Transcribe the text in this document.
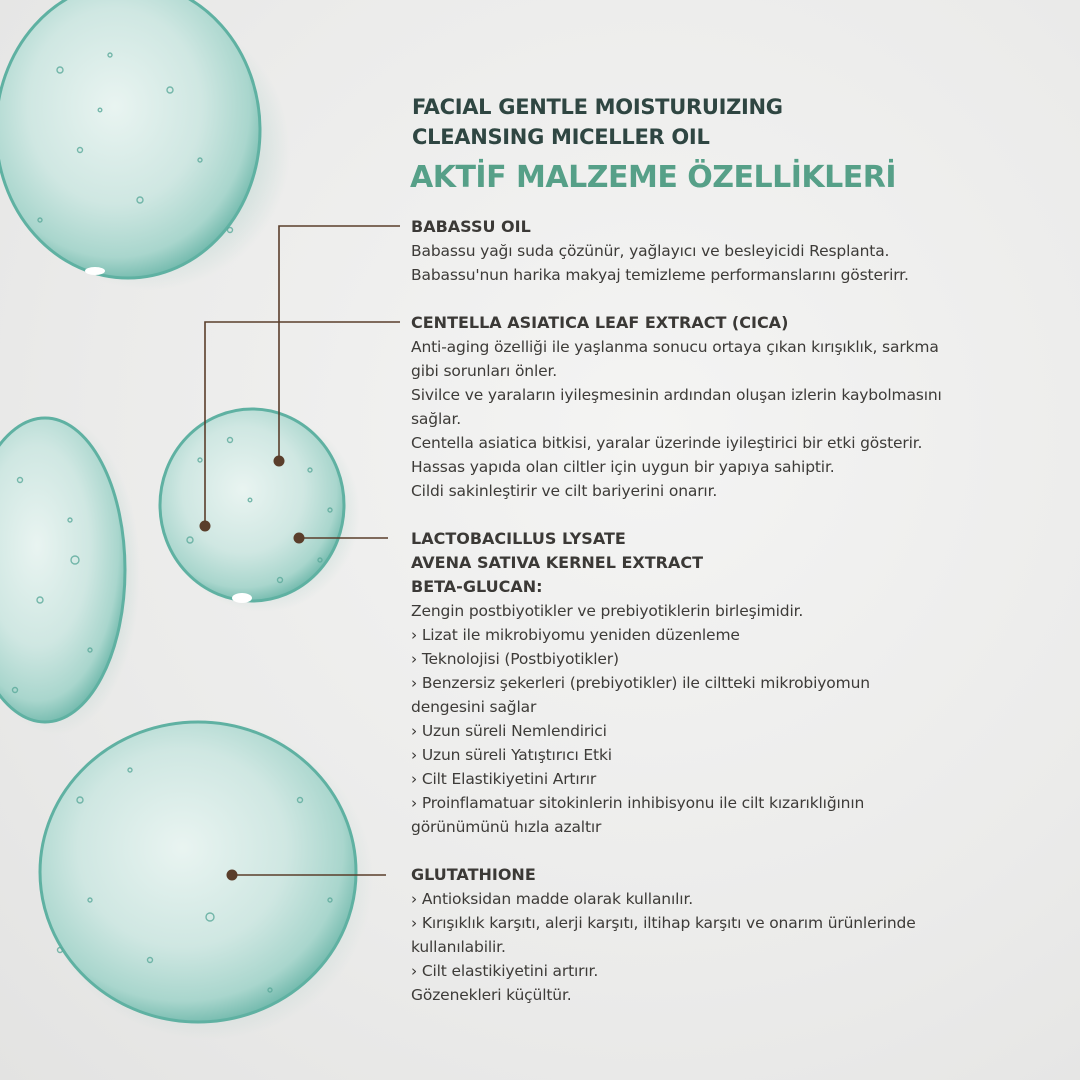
FACIAL GENTLE MOISTURUIZING
CLEANSING MICELLER OIL
AKTİF MALZEME ÖZELLİKLERİ
BABASSU OIL
Babassu yağı suda çözünür, yağlayıcı ve besleyicidi Resplanta.
Babassu'nun harika makyaj temizleme performanslarını gösterirr.
CENTELLA ASIATICA LEAF EXTRACT (CICA)
Anti-aging özelliği ile yaşlanma sonucu ortaya çıkan kırışıklık, sarkma
gibi sorunları önler.
Sivilce ve yaraların iyileşmesinin ardından oluşan izlerin kaybolmasını
sağlar.
Centella asiatica bitkisi, yaralar üzerinde iyileştirici bir etki gösterir.
Hassas yapıda olan ciltler için uygun bir yapıya sahiptir.
Cildi sakinleştirir ve cilt bariyerini onarır.
LACTOBACILLUS LYSATE
AVENA SATIVA KERNEL EXTRACT
BETA-GLUCAN:
Zengin postbiyotikler ve prebiyotiklerin birleşimidir.
› Lizat ile mikrobiyomu yeniden düzenleme
› Teknolojisi (Postbiyotikler)
› Benzersiz şekerleri (prebiyotikler) ile ciltteki mikrobiyomun
dengesini sağlar
› Uzun süreli Nemlendirici
› Uzun süreli Yatıştırıcı Etki
› Cilt Elastikiyetini Artırır
› Proinflamatuar sitokinlerin inhibisyonu ile cilt kızarıklığının
görünümünü hızla azaltır
GLUTATHIONE
› Antioksidan madde olarak kullanılır.
› Kırışıklık karşıtı, alerji karşıtı, iltihap karşıtı ve onarım ürünlerinde
kullanılabilir.
› Cilt elastikiyetini artırır.
Gözenekleri küçültür.
